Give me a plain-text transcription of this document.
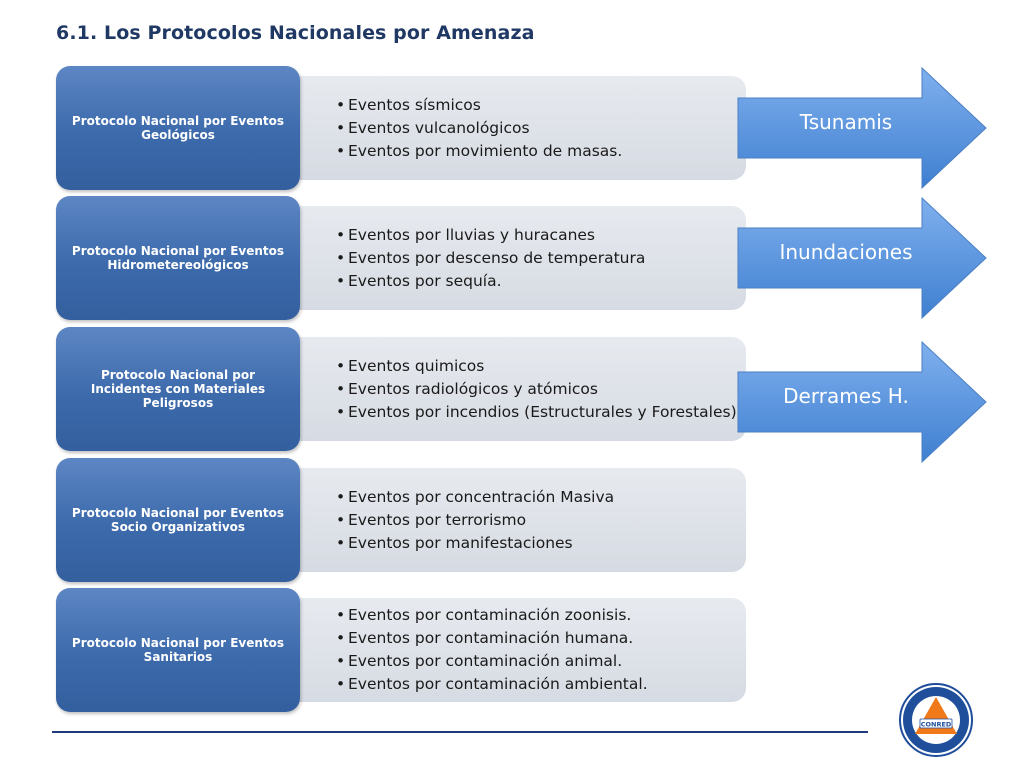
6.1. Los Protocolos Nacionales por Amenaza
• Eventos sísmicos
• Eventos vulcanológicos
• Eventos por movimiento de masas.
Protocolo Nacional por Eventos Geológicos
• Eventos por lluvias y huracanes
• Eventos por descenso de temperatura
• Eventos por sequía.
Protocolo Nacional por Eventos Hidrometereológicos
• Eventos quimicos
• Eventos radiológicos y atómicos
• Eventos por incendios (Estructurales y Forestales)
Protocolo Nacional por Incidentes con Materiales Peligrosos
• Eventos por concentración Masiva
• Eventos por terrorismo
• Eventos por manifestaciones
Protocolo Nacional por Eventos Socio Organizativos
• Eventos por contaminación zoonisis.
• Eventos por contaminación humana.
• Eventos por contaminación animal.
• Eventos por contaminación ambiental.
Protocolo Nacional por Eventos Sanitarios
Tsunamis
Inundaciones
Derrames H.
CONRED
